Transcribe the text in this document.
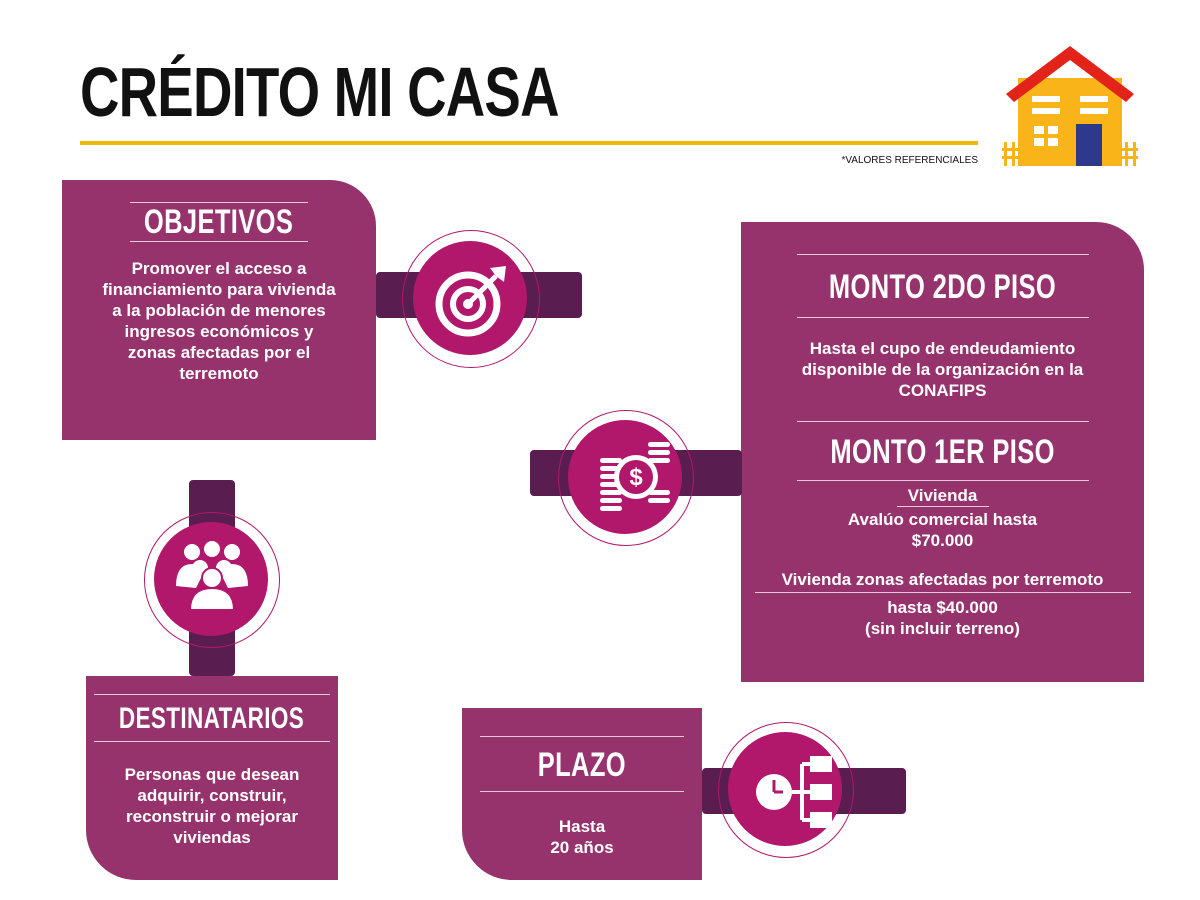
CRÉDITO MI CASA
*VALORES REFERENCIALES
OBJETIVOS
Promover el acceso a
financiamiento para vivienda
a la población de menores
ingresos económicos y
zonas afectadas por el
terremoto
MONTO 2DO PISO
Hasta el cupo de endeudamiento
disponible de la organización en la
CONAFIPS
MONTO 1ER PISO
Vivienda
Avalúo comercial hasta
$70.000
Vivienda zonas afectadas por terremoto
hasta $40.000
(sin incluir terreno)
$
DESTINATARIOS
Personas que desean
adquirir, construir,
reconstruir o mejorar
viviendas
PLAZO
Hasta
20 años
